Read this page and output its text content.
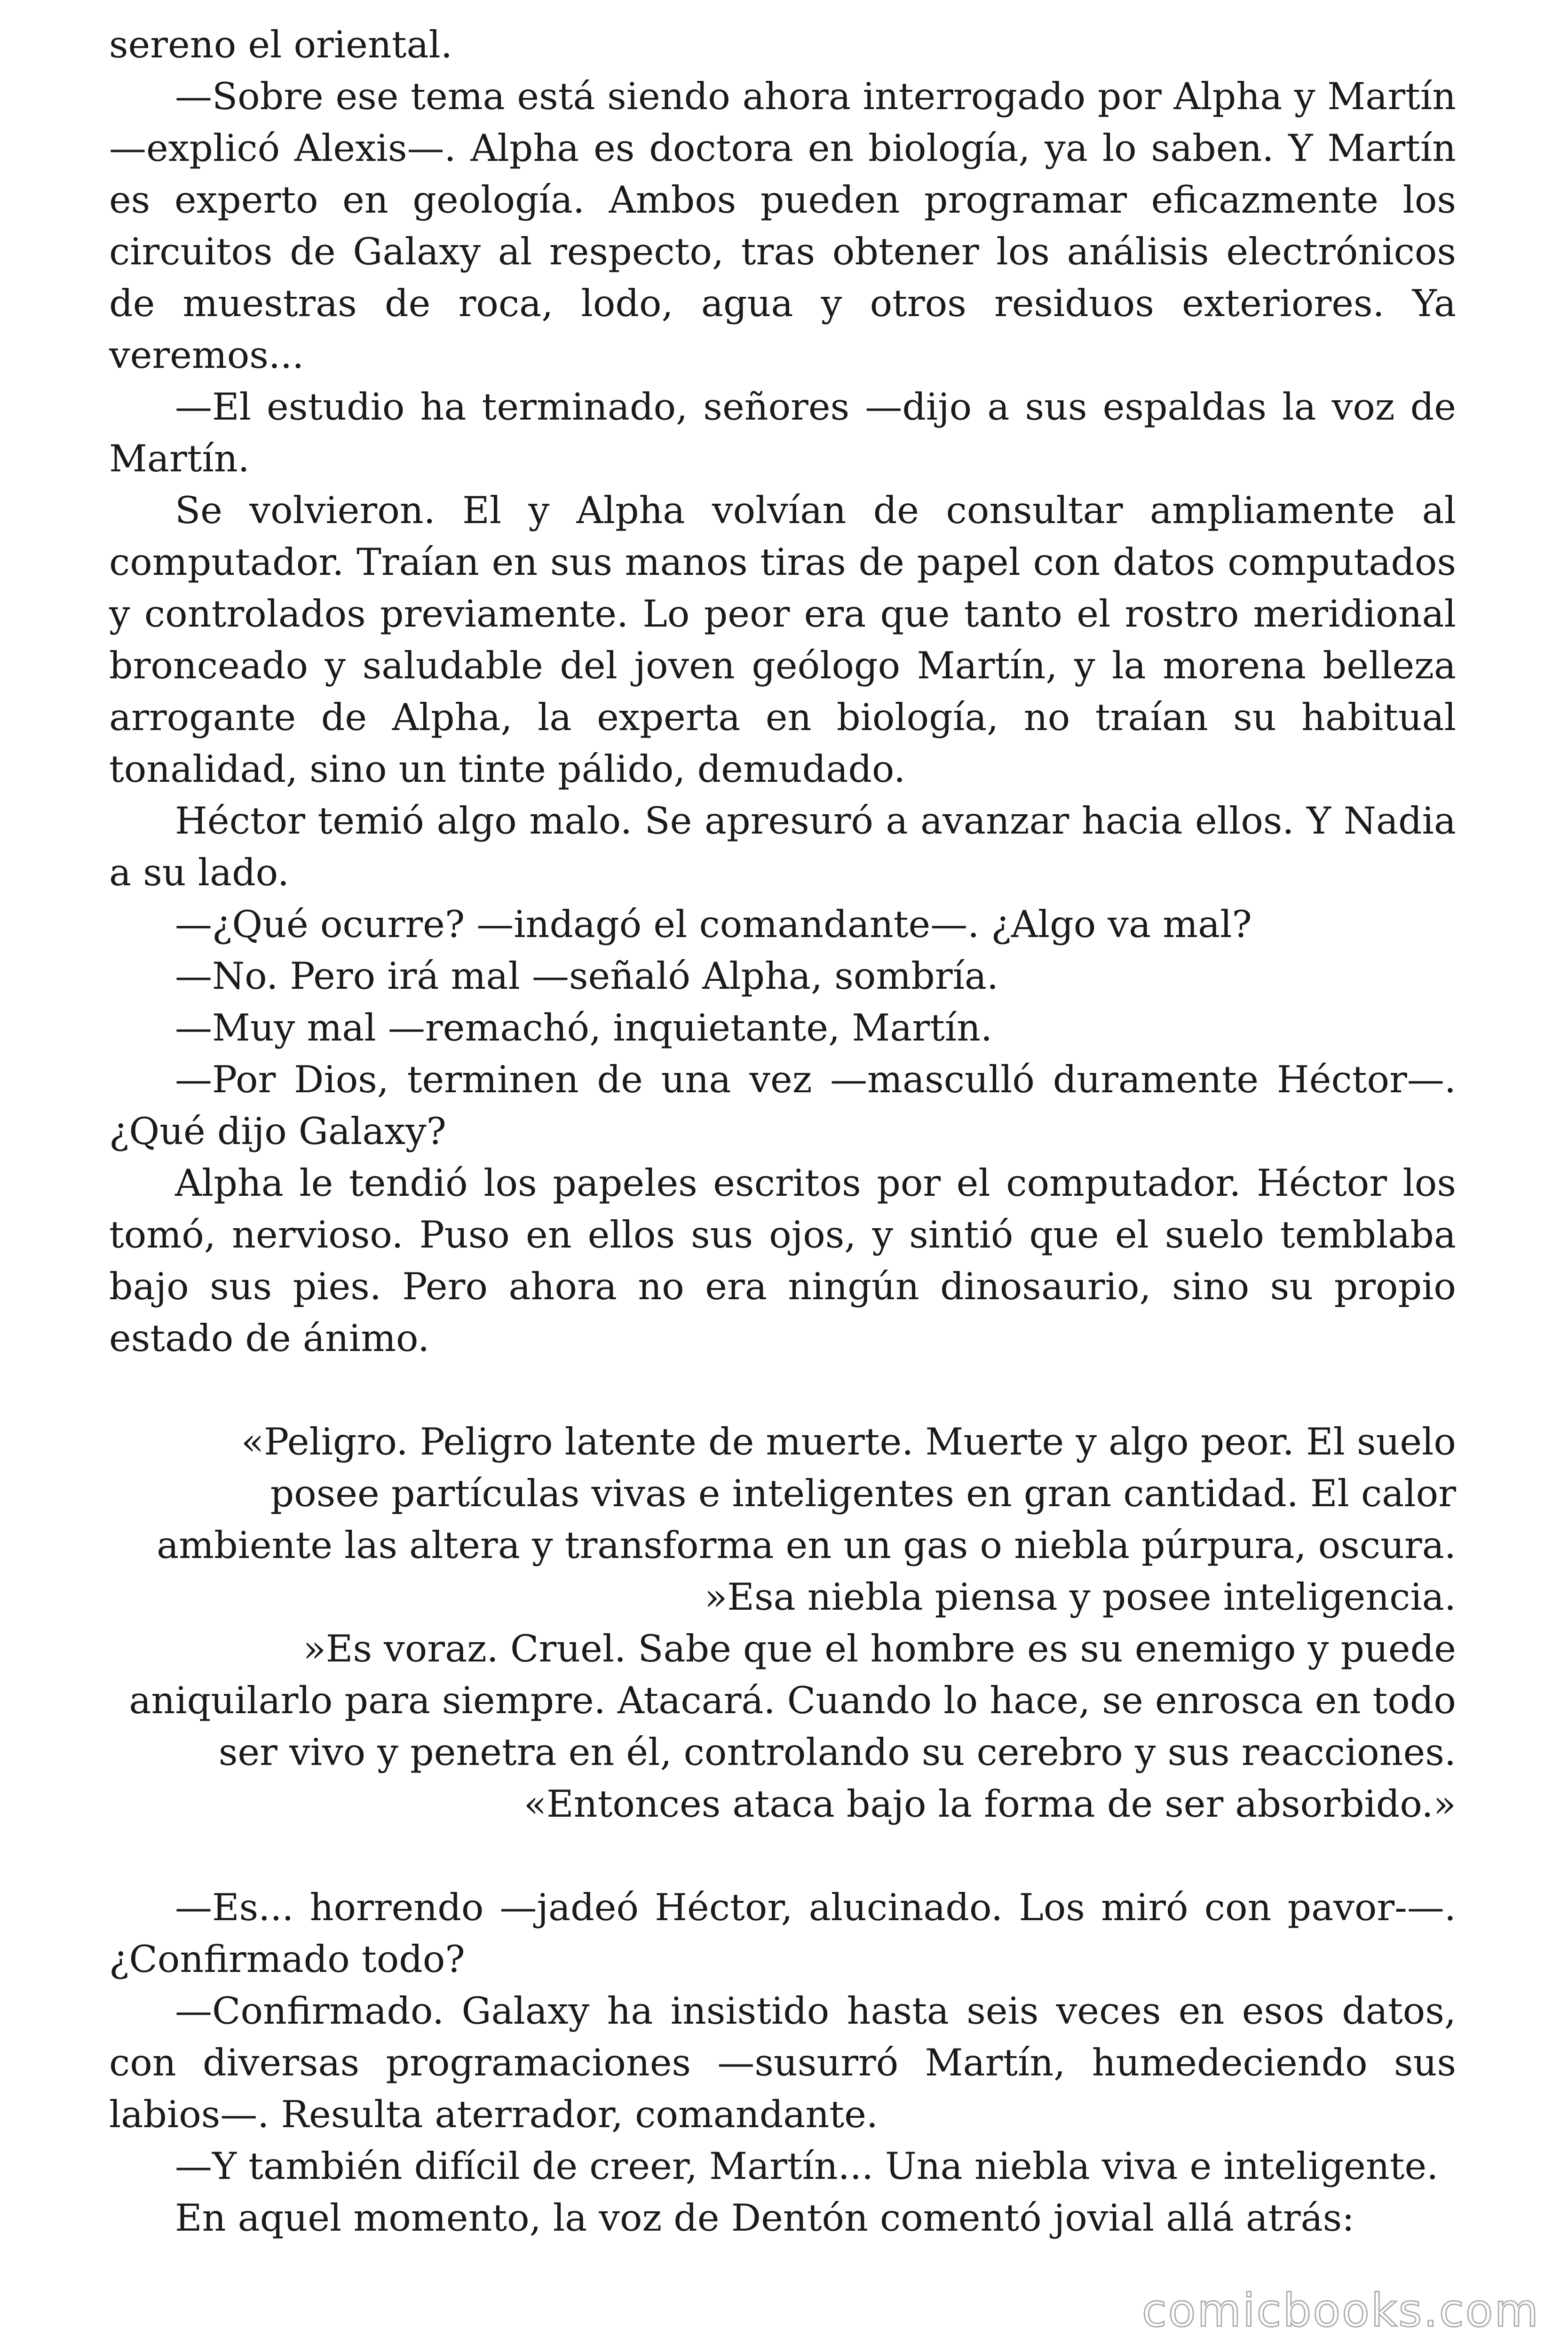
sereno el oriental.

—Sobre ese tema está siendo ahora interrogado por Alpha y Martín —explicó Alexis—. Alpha es doctora en biología, ya lo saben. Y Martín es experto en geología. Ambos pueden programar eficazmente los circuitos de Galaxy al respecto, tras obtener los análisis electrónicos de muestras de roca, lodo, agua y otros residuos exteriores. Ya veremos...

—El estudio ha terminado, señores —dijo a sus espaldas la voz de Martín.

Se volvieron. El y Alpha volvían de consultar ampliamente al computador. Traían en sus manos tiras de papel con datos computados y controlados previamente. Lo peor era que tanto el rostro meridional bronceado y saludable del joven geólogo Martín, y la morena belleza arrogante de Alpha, la experta en biología, no traían su habitual tonalidad, sino un tinte pálido, demudado.

Héctor temió algo malo. Se apresuró a avanzar hacia ellos. Y Nadia a su lado.

—¿Qué ocurre? —indagó el comandante—. ¿Algo va mal?

—No. Pero irá mal —señaló Alpha, sombría.

—Muy mal —remachó, inquietante, Martín.

—Por Dios, terminen de una vez —masculló duramente Héctor—. ¿Qué dijo Galaxy?

Alpha le tendió los papeles escritos por el computador. Héctor los tomó, nervioso. Puso en ellos sus ojos, y sintió que el suelo temblaba bajo sus pies. Pero ahora no era ningún dinosaurio, sino su propio estado de ánimo.

«Peligro. Peligro latente de muerte. Muerte y algo peor. El suelo

posee partículas vivas e inteligentes en gran cantidad. El calor

ambiente las altera y transforma en un gas o niebla púrpura, oscura.

»Esa niebla piensa y posee inteligencia.

»Es voraz. Cruel. Sabe que el hombre es su enemigo y puede

aniquilarlo para siempre. Atacará. Cuando lo hace, se enrosca en todo

ser vivo y penetra en él, controlando su cerebro y sus reacciones.

«Entonces ataca bajo la forma de ser absorbido.»

—Es... horrendo —jadeó Héctor, alucinado. Los miró con pavor-—. ¿Confirmado todo?

—Confirmado. Galaxy ha insistido hasta seis veces en esos datos, con diversas programaciones —susurró Martín, humedeciendo sus labios—. Resulta aterrador, comandante.

—Y también difícil de creer, Martín... Una niebla viva e inteligente.

En aquel momento, la voz de Dentón comentó jovial allá atrás:

comicbooks.com
